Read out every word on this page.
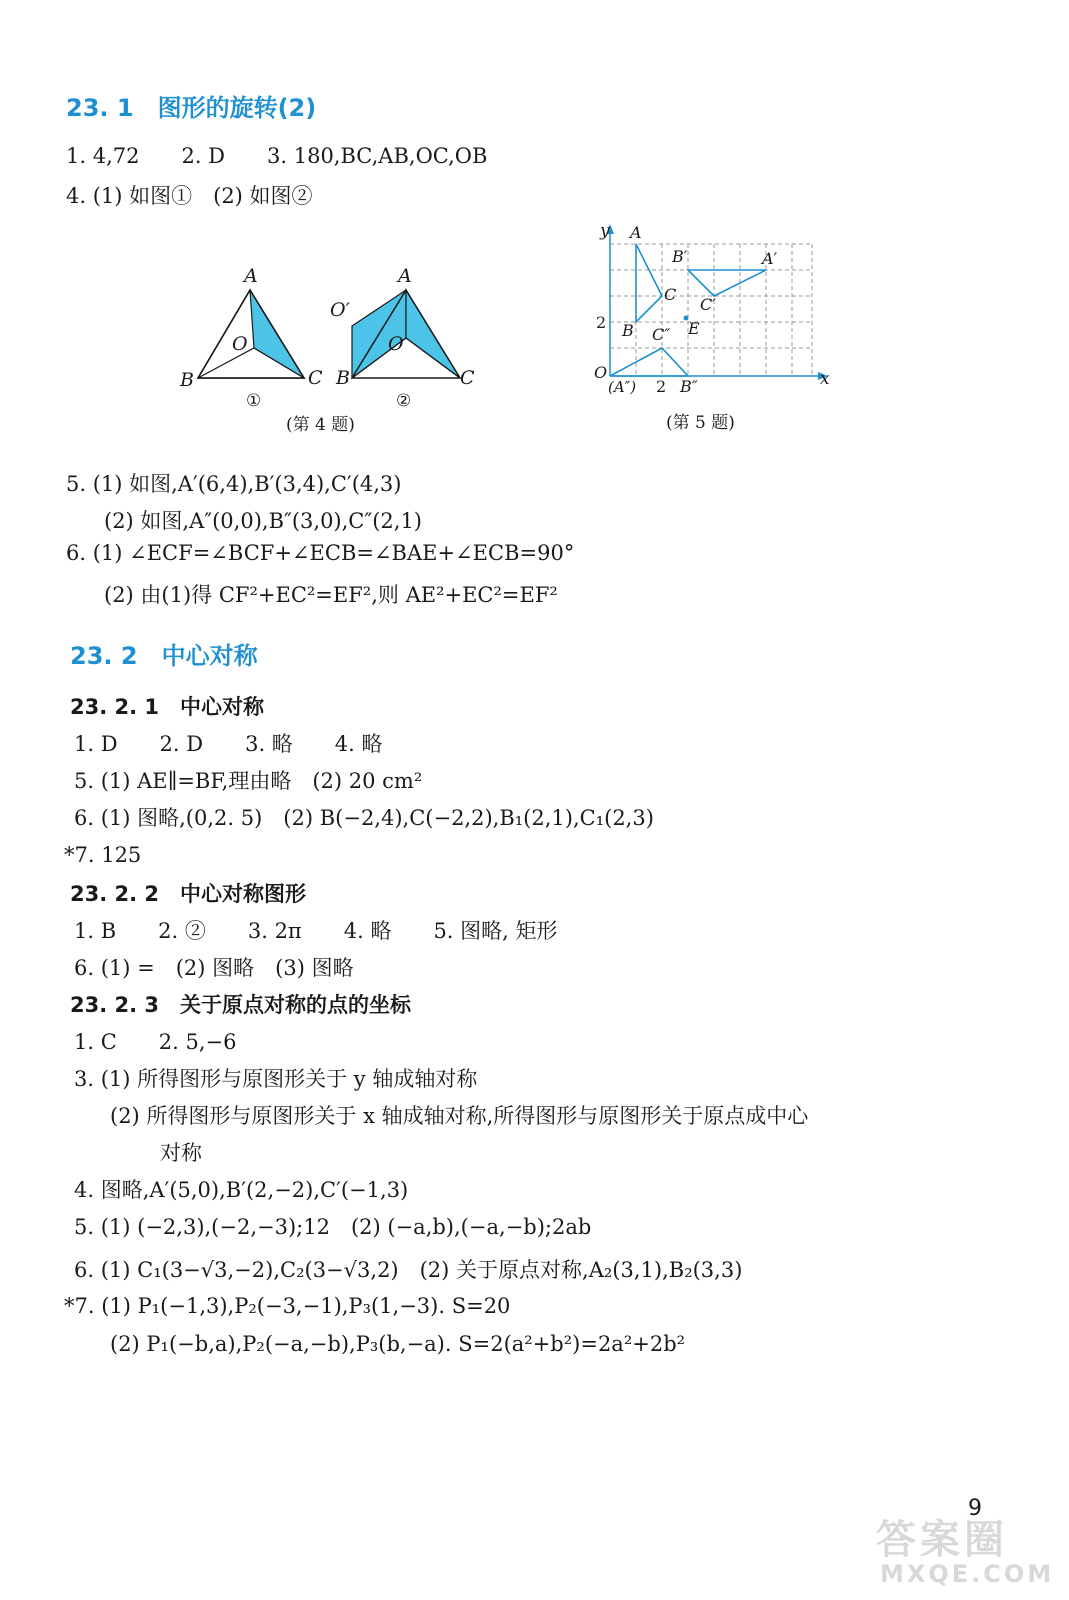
23. 1　图形的旋转(2)
1. 4,72　　2. D　　3. 180,BC,AB,OC,OB
4. (1) 如图①　(2) 如图②
A
B	C
O
①
A
O′
B	C
O
②
(第 4 题)
y
x
A
B′	A′
C
C′
2 B C″ E
O
(A″) 2 B″
(第 5 题)
5. (1) 如图,A′(6,4),B′(3,4),C′(4,3)
(2) 如图,A″(0,0),B″(3,0),C″(2,1)
6. (1) ∠ECF=∠BCF+∠ECB=∠BAE+∠ECB=90°
(2) 由(1)得 CF²+EC²=EF²,则 AE²+EC²=EF²
23. 2　中心对称
23. 2. 1　中心对称
1. D　　2. D　　3. 略　　4. 略
5. (1) AE∥=BF,理由略　(2) 20 cm²
6. (1) 图略,(0,2. 5)　(2) B(−2,4),C(−2,2),B₁(2,1),C₁(2,3)
*7. 125
23. 2. 2　中心对称图形
1. B　　2. ②　　3. 2π　　4. 略　　5. 图略, 矩形
6. (1) =　(2) 图略　(3) 图略
23. 2. 3　关于原点对称的点的坐标
1. C　　2. 5,−6
3. (1) 所得图形与原图形关于 y 轴成轴对称
(2) 所得图形与原图形关于 x 轴成轴对称,所得图形与原图形关于原点成中心
对称
4. 图略,A′(5,0),B′(2,−2),C′(−1,3)
5. (1) (−2,3),(−2,−3);12　(2) (−a,b),(−a,−b);2ab
6. (1) C₁(3−√3,−2),C₂(3−√3,2)　(2) 关于原点对称,A₂(3,1),B₂(3,3)
*7. (1) P₁(−1,3),P₂(−3,−1),P₃(1,−3). S=20
(2) P₁(−b,a),P₂(−a,−b),P₃(b,−a). S=2(a²+b²)=2a²+2b²
9
答案圈
MXQE.COM
